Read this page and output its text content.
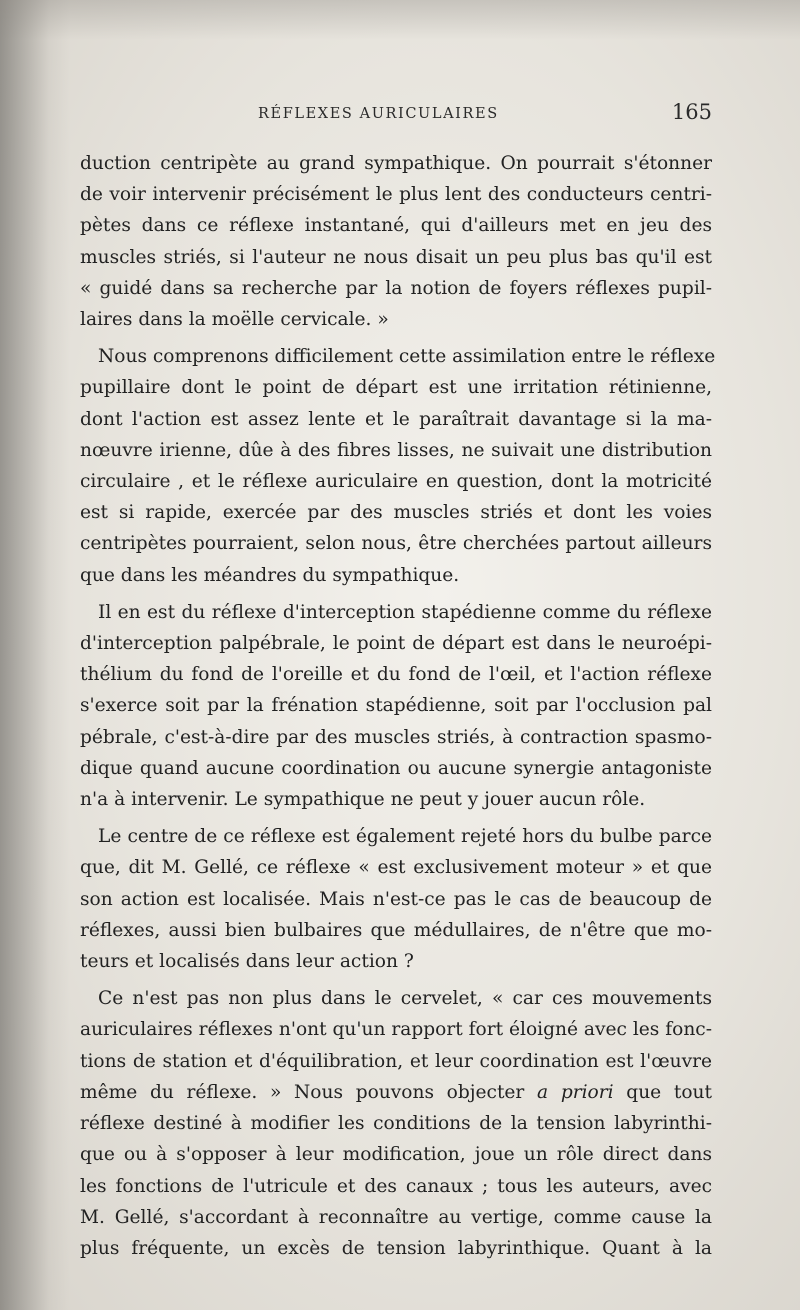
RÉFLEXES AURICULAIRES	165

duction centripète au grand sympathique. On pourrait s'étonner
de voir intervenir précisément le plus lent des conducteurs centri-
pètes dans ce réflexe instantané, qui d'ailleurs met en jeu des
muscles striés, si l'auteur ne nous disait un peu plus bas qu'il est
« guidé dans sa recherche par la notion de foyers réflexes pupil-
laires dans la moëlle cervicale. »

Nous comprenons difficilement cette assimilation entre le réflexe
pupillaire dont le point de départ est une irritation rétinienne,
dont l'action est assez lente et le paraîtrait davantage si la ma-
nœuvre irienne, dûe à des fibres lisses, ne suivait une distribution
circulaire , et le réflexe auriculaire en question, dont la motricité
est si rapide, exercée par des muscles striés et dont les voies
centripètes pourraient, selon nous, être cherchées partout ailleurs
que dans les méandres du sympathique.

Il en est du réflexe d'interception stapédienne comme du réflexe
d'interception palpébrale, le point de départ est dans le neuroépi-
thélium du fond de l'oreille et du fond de l'œil, et l'action réflexe
s'exerce soit par la frénation stapédienne, soit par l'occlusion pal
pébrale, c'est-à-dire par des muscles striés, à contraction spasmo-
dique quand aucune coordination ou aucune synergie antagoniste
n'a à intervenir. Le sympathique ne peut y jouer aucun rôle.

Le centre de ce réflexe est également rejeté hors du bulbe parce
que, dit M. Gellé, ce réflexe « est exclusivement moteur » et que
son action est localisée. Mais n'est-ce pas le cas de beaucoup de
réflexes, aussi bien bulbaires que médullaires, de n'être que mo-
teurs et localisés dans leur action ?

Ce n'est pas non plus dans le cervelet, « car ces mouvements
auriculaires réflexes n'ont qu'un rapport fort éloigné avec les fonc-
tions de station et d'équilibration, et leur coordination est l'œuvre
même du réflexe. » Nous pouvons objecter a priori que tout
réflexe destiné à modifier les conditions de la tension labyrinthi-
que ou à s'opposer à leur modification, joue un rôle direct dans
les fonctions de l'utricule et des canaux ; tous les auteurs, avec
M. Gellé, s'accordant à reconnaître au vertige, comme cause la
plus fréquente, un excès de tension labyrinthique. Quant à la
